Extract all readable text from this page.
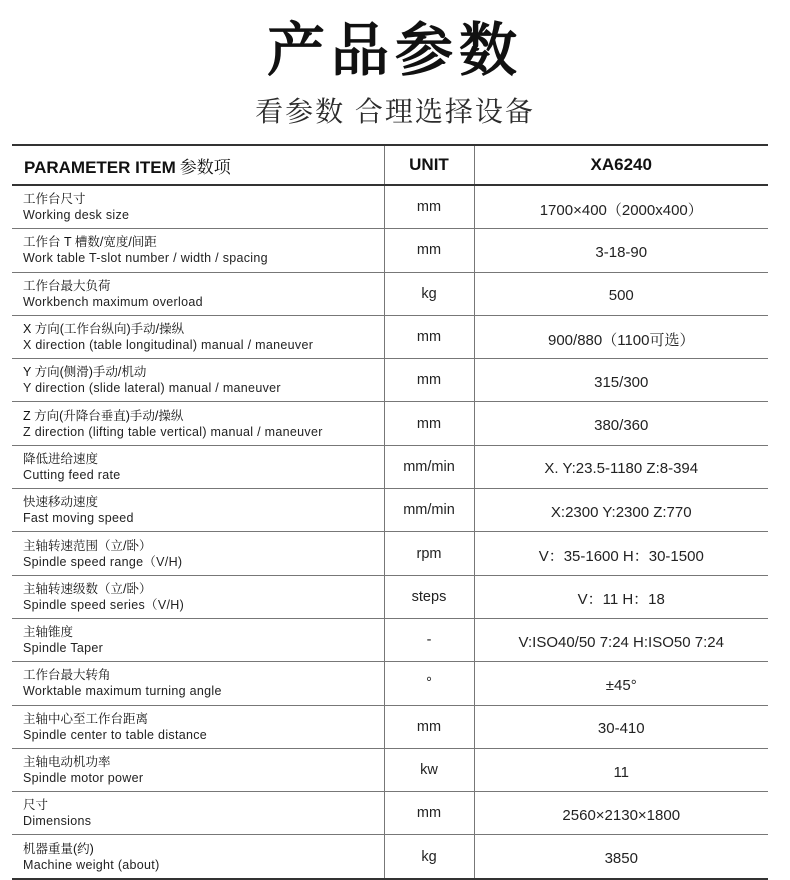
产品参数
看参数 合理选择设备
PARAMETER ITEM 参数项	UNIT	XA6240

工作台尺寸
Working desk size	mm	1700×400（2000x400）

工作台 T 槽数/宽度/间距
Work table T-slot number / width / spacing	mm	3-18-90

工作台最大负荷
Workbench maximum overload	kg	500

X 方向(工作台纵向)手动/操纵
X direction (table longitudinal) manual / maneuver	mm	900/880（1100可选）

Y 方向(侧滑)手动/机动
Y direction (slide lateral) manual / maneuver	mm	315/300

Z 方向(升降台垂直)手动/操纵
Z direction (lifting table vertical) manual / maneuver	mm	380/360

降低进给速度
Cutting feed rate	mm/min	X. Y:23.5-1180 Z:8-394

快速移动速度
Fast moving speed	mm/min	X:2300 Y:2300 Z:770

主轴转速范围（立/卧）
Spindle speed range（V/H)	rpm	V：35-1600 H：30-1500

主轴转速级数（立/卧）
Spindle speed series（V/H)	steps	V：11 H：18

主轴锥度
Spindle Taper	-	V:ISO40/50 7:24 H:ISO50 7:24

工作台最大转角
Worktable maximum turning angle	°	±45°

主轴中心至工作台距离
Spindle center to table distance	mm	30-410

主轴电动机功率
Spindle motor power	kw	11

尺寸
Dimensions	mm	2560×2130×1800

机器重量(约)
Machine weight (about)	kg	3850
